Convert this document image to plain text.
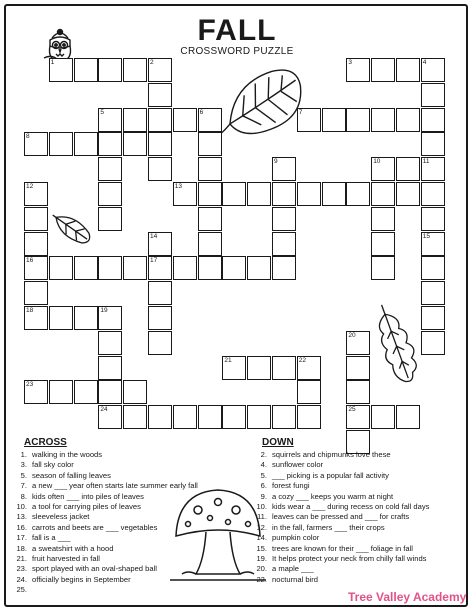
FALL
CROSSWORD PUZZLE
1	2	3	4
5	6	7
8
10	11
13
16	17
18
21
23
24	25
9
15
12
14
19
20
22
ACROSS
1. walking in the woods
3. fall sky color
5. season of falling leaves
7. a new ___ year often starts late summer early fall
8. kids often ___ into piles of leaves
10. a tool for carrying piles of leaves
13. sleeveless jacket
16. carrots and beets are ___ vegetables
17. fall is a ___
18. a sweatshirt with a hood
21. fruit harvested in fall
23. sport played with an oval-shaped ball
24. officially begins in September
25.
DOWN
2. squirrels and chipmunks love these
4. sunflower color
5. ___ picking is a popular fall activity
6. forest fungi
9. a cozy ___ keeps you warm at night
10. kids wear a ___ during recess on cold fall days
11. leaves can be pressed and ___ for crafts
12. in the fall, farmers ___ their crops
14. pumpkin color
15. trees are known for their ___ foliage in fall
19. It helps protect your neck from chilly fall winds
20. a maple ___
22. nocturnal bird
Tree Valley Academy
